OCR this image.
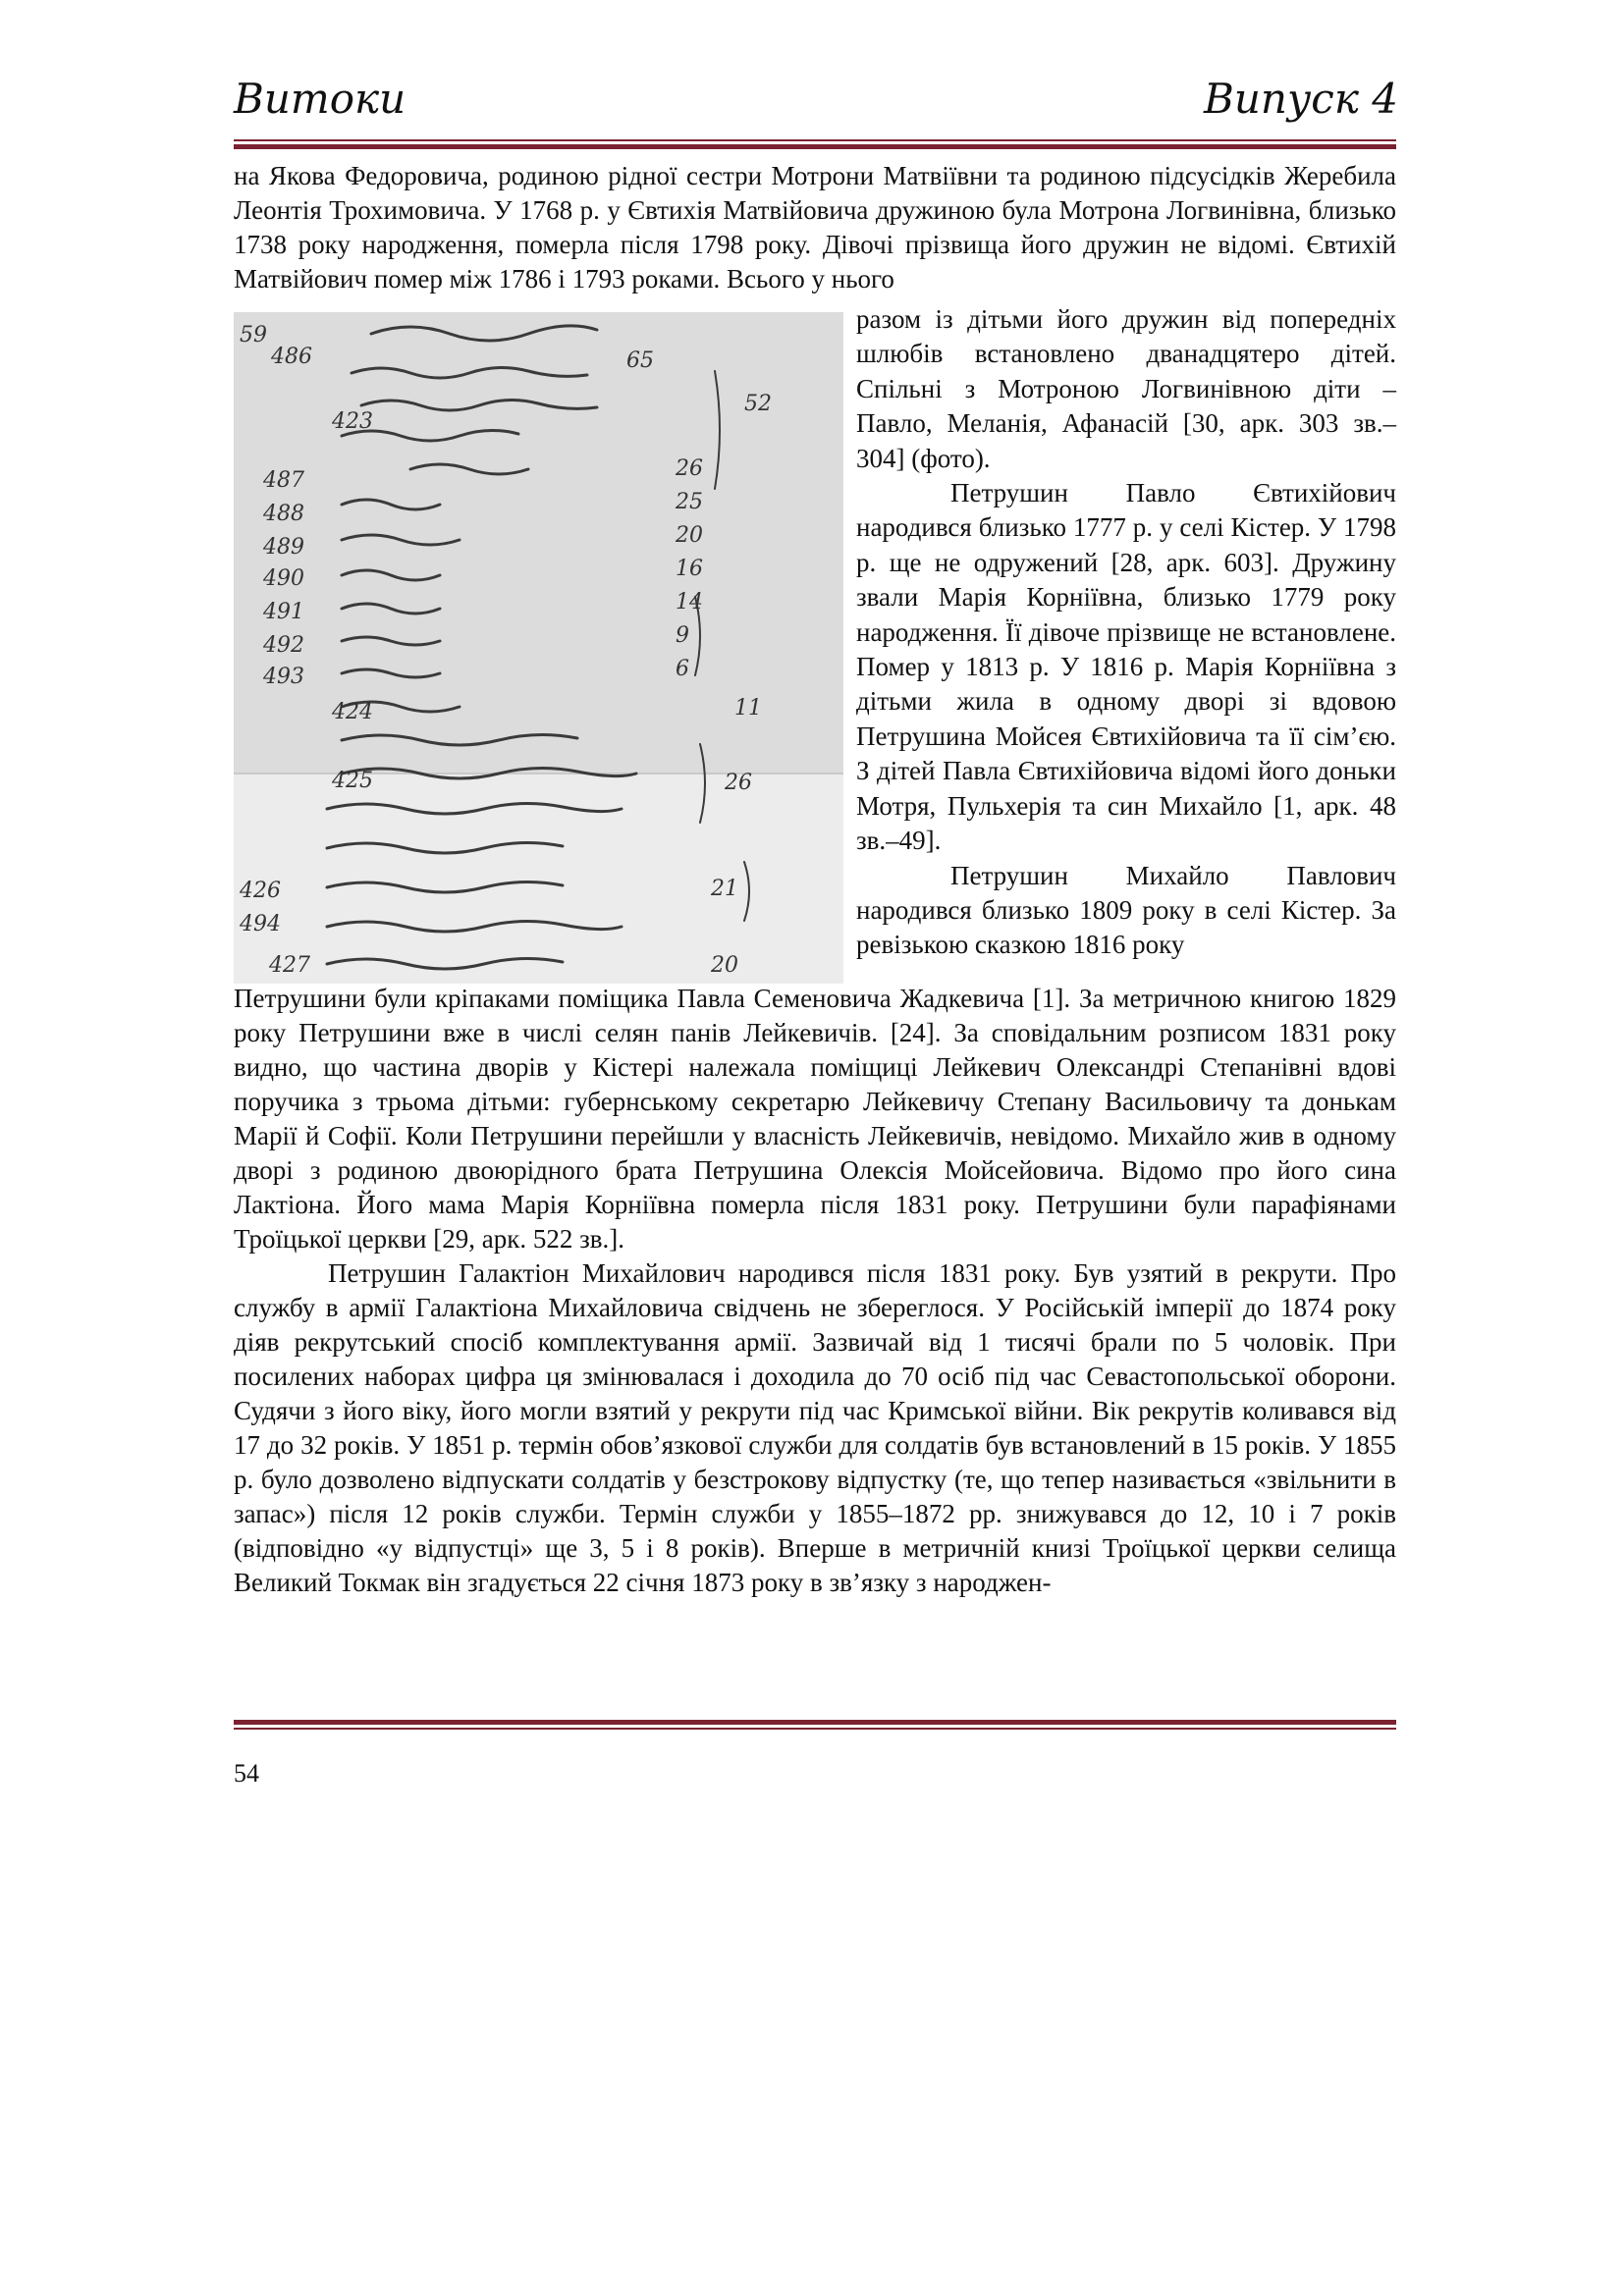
Витоки	Випуск 4

на Якова Федоровича, родиною рідної сестри Мотрони Матвіївни та родиною підсусідків Жеребила Леонтія Трохимовича. У 1768 р. у Євтихія Матвійовича дружиною була Мотрона Логвинівна, близько 1738 року народження, померла після 1798 року. Дівочі прізвища його дружин не відомі. Євтихій Матвійович помер між 1786 і 1793 роками. Всього у нього

59
486
423
487
488
489
490
491
492
493
424
425
426
494
427
65
52
26
25
20
16
14
9
6
11
26
21
20

разом із дітьми його дружин від попередніх шлюбів встановлено дванадцятеро дітей. Спільні з Мотроною Логвинівною діти – Павло, Меланія, Афанасій [30, арк. 303 зв.–304] (фото).

Петрушин Павло Євтихійович народився близько 1777 р. у селі Кістер. У 1798 р. ще не одружений [28, арк. 603]. Дружину звали Марія Корніївна, близько 1779 року народження. Її дівоче прізвище не встановлене. Помер у 1813 р. У 1816 р. Марія Корніївна з дітьми жила в одному дворі зі вдовою Петрушина Мойсея Євтихійовича та її сім’єю. З дітей Павла Євтихійовича відомі його доньки Мотря, Пульхерія та син Михайло [1, арк. 48 зв.–49].

Петрушин Михайло Павлович народився близько 1809 року в селі Кістер. За ревізькою сказкою 1816 року

Петрушини були кріпаками поміщика Павла Семеновича Жадкевича [1]. За метричною книгою 1829 року Петрушини вже в числі селян панів Лейкевичів. [24]. За сповідальним розписом 1831 року видно, що частина дворів у Кістері належала поміщиці Лейкевич Олександрі Степанівні вдові поручика з трьома дітьми: губернському секретарю Лейкевичу Степану Васильовичу та донькам Марії й Софії. Коли Петрушини перейшли у власність Лейкевичів, невідомо. Михайло жив в одному дворі з родиною двоюрідного брата Петрушина Олексія Мойсейовича. Відомо про його сина Лактіона. Його мама Марія Корніївна померла після 1831 року. Петрушини були парафіянами Троїцької церкви [29, арк. 522 зв.].

Петрушин Галактіон Михайлович народився після 1831 року. Був узятий в рекрути. Про службу в армії Галактіона Михайловича свідчень не збереглося. У Російській імперії до 1874 року діяв рекрутський спосіб комплектування армії. Зазвичай від 1 тисячі брали по 5 чоловік. При посилених наборах цифра ця змінювалася і доходила до 70 осіб під час Севастопольської оборони. Судячи з його віку, його могли взятий у рекрути під час Кримської війни. Вік рекрутів коливався від 17 до 32 років. У 1851 р. термін обов’язкової служби для солдатів був встановлений в 15 років. У 1855 р. було дозволено відпускати солдатів у безстрокову відпустку (те, що тепер називається «звільнити в запас») після 12 років служби. Термін служби у 1855–1872 рр. знижувався до 12, 10 і 7 років (відповідно «у відпустці» ще 3, 5 і 8 років). Вперше в метричній книзі Троїцької церкви селища Великий Токмак він згадується 22 січня 1873 року в зв’язку з народжен-

54
